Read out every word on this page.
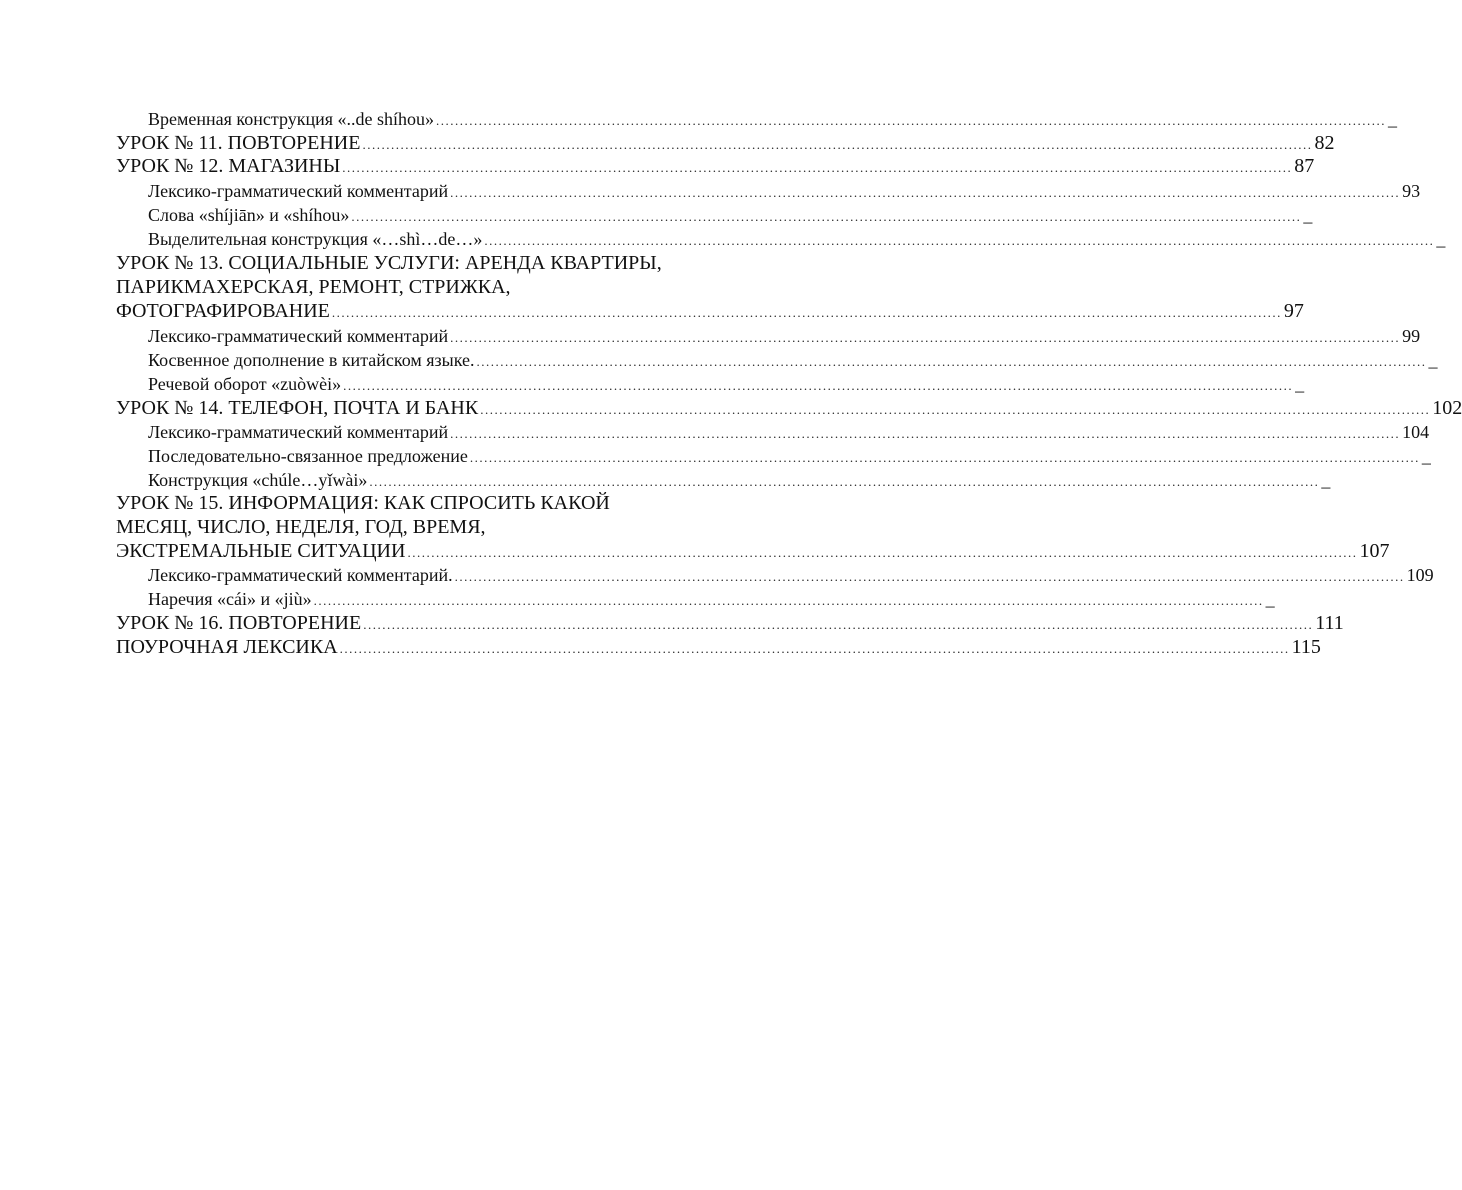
Временная конструкция «..de shíhou» ........................................................................................................................................................................................................ _
УРОК № 11. ПОВТОРЕНИЕ ........................................................................................................................................................................................................ 82
УРОК № 12. МАГАЗИНЫ ........................................................................................................................................................................................................ 87
Лексико-грамматический комментарий ........................................................................................................................................................................................................ 93
Слова «shíjiān» и «shíhou» ........................................................................................................................................................................................................ _
Выделительная конструкция «…shì…de…» ........................................................................................................................................................................................................ _
УРОК № 13. СОЦИАЛЬНЫЕ УСЛУГИ: АРЕНДА КВАРТИРЫ,
ПАРИКМАХЕРСКАЯ, РЕМОНТ, СТРИЖКА,
ФОТОГРАФИРОВАНИЕ ........................................................................................................................................................................................................ 97
Лексико-грамматический комментарий ........................................................................................................................................................................................................ 99
Косвенное дополнение в китайском языке. ........................................................................................................................................................................................................ _
Речевой оборот «zuòwèi» ........................................................................................................................................................................................................ _
УРОК № 14. ТЕЛЕФОН, ПОЧТА И БАНК ........................................................................................................................................................................................................ 102
Лексико-грамматический комментарий ........................................................................................................................................................................................................ 104
Последовательно-связанное предложение ........................................................................................................................................................................................................ _
Конструкция «chúle…yǐwài» ........................................................................................................................................................................................................ _
УРОК № 15. ИНФОРМАЦИЯ: КАК СПРОСИТЬ КАКОЙ
МЕСЯЦ, ЧИСЛО, НЕДЕЛЯ, ГОД, ВРЕМЯ,
ЭКСТРЕМАЛЬНЫЕ СИТУАЦИИ ........................................................................................................................................................................................................ 107
Лексико-грамматический комментарий. ........................................................................................................................................................................................................ 109
Наречия «cái» и «jiù» ........................................................................................................................................................................................................ _
УРОК № 16. ПОВТОРЕНИЕ ........................................................................................................................................................................................................ 111
ПОУРОЧНАЯ ЛЕКСИКА ........................................................................................................................................................................................................ 115
